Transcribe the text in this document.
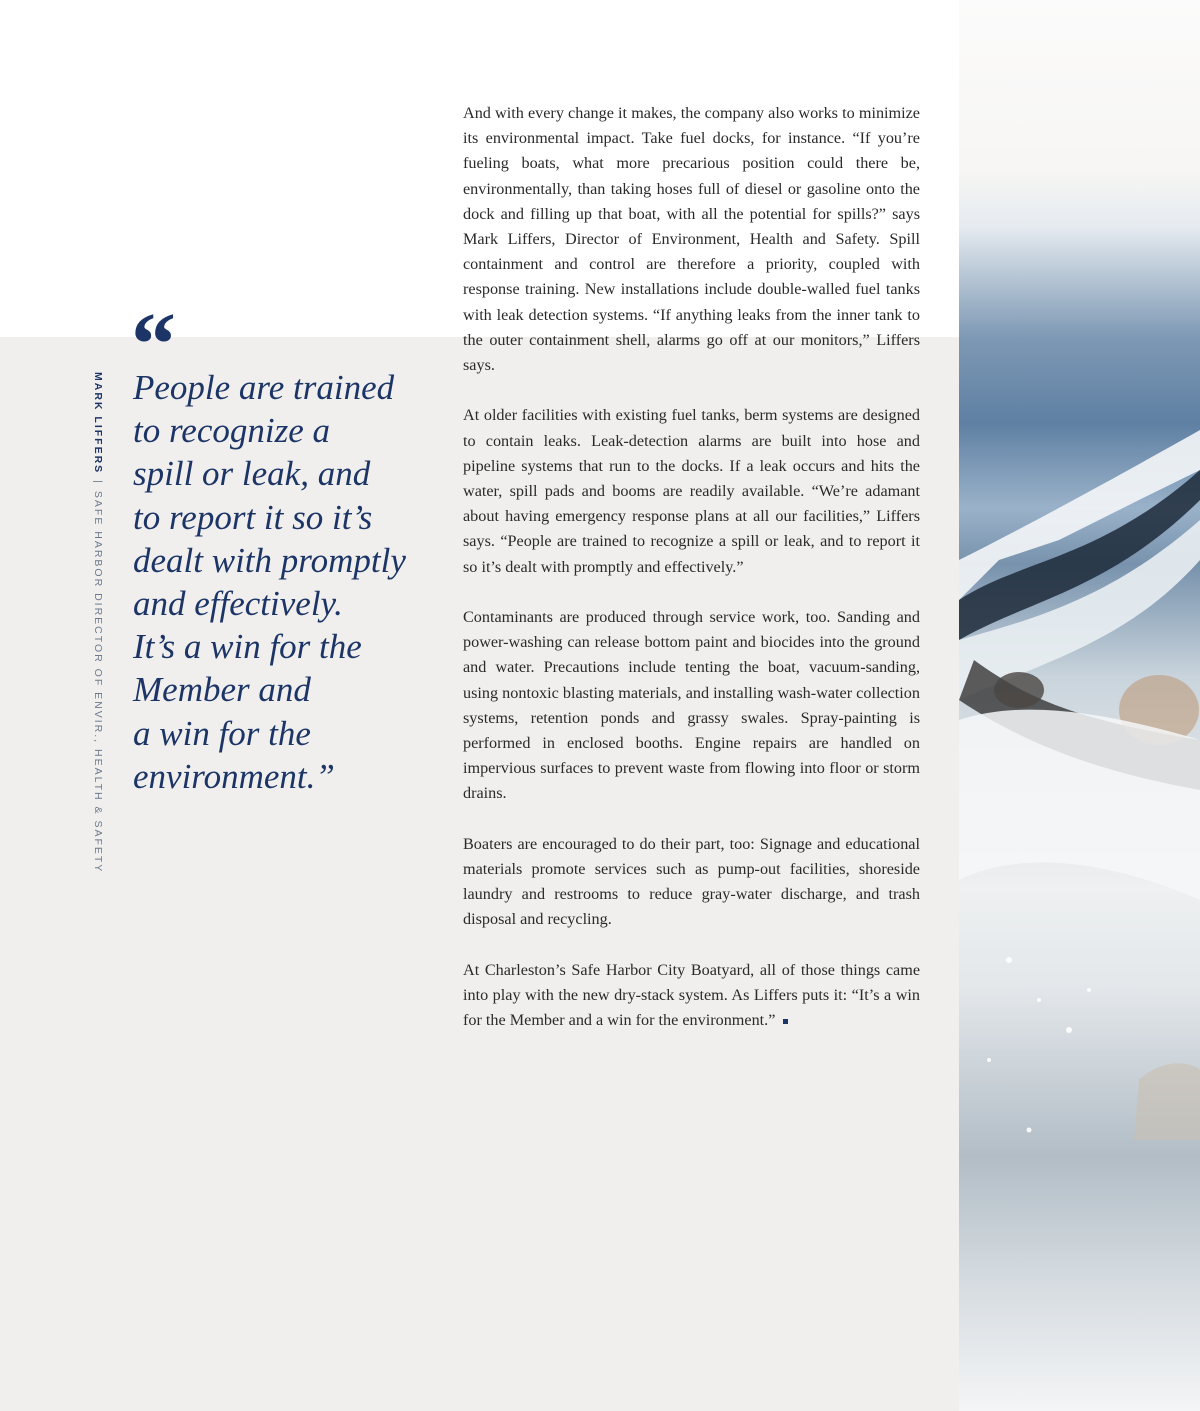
MARK LIFFERS|SAFE HARBOR DIRECTOR OF ENVIR., HEALTH & SAFETY
“
People are trained
to recognize a
spill or leak, and
to report it so it’s
dealt with promptly
and effectively.
It’s a win for the
Member and
a win for the
environment.”

And with every change it makes, the company also works to minimize its environmental impact. Take fuel docks, for instance. “If you’re fueling boats, what more precarious position could there be, environmentally, than taking hoses full of diesel or gasoline onto the dock and filling up that boat, with all the potential for spills?” says Mark Liffers, Director of Environment, Health and Safety. Spill containment and control are therefore a priority, coupled with response training. New installations include double-walled fuel tanks with leak detection systems. “If anything leaks from the inner tank to the outer containment shell, alarms go off at our monitors,” Liffers says.

At older facilities with existing fuel tanks, berm systems are designed to contain leaks. Leak-detection alarms are built into hose and pipeline systems that run to the docks. If a leak occurs and hits the water, spill pads and booms are readily available. “We’re adamant about having emergency response plans at all our facilities,” Liffers says. “People are trained to recognize a spill or leak, and to report it so it’s dealt with promptly and effectively.”

Contaminants are produced through service work, too. Sanding and power-washing can release bottom paint and biocides into the ground and water. Precautions include tenting the boat, vacuum-sanding, using nontoxic blasting materials, and installing wash-water collection systems, retention ponds and grassy swales. Spray-painting is performed in enclosed booths. Engine repairs are handled on impervious surfaces to prevent waste from flowing into floor or storm drains.

Boaters are encouraged to do their part, too: Signage and educational materials promote services such as pump-out facilities, shoreside laundry and restrooms to reduce gray-water discharge, and trash disposal and recycling.

At Charleston’s Safe Harbor City Boatyard, all of those things came into play with the new dry-stack system. As Liffers puts it: “It’s a win for the Member and a win for the environment.”
